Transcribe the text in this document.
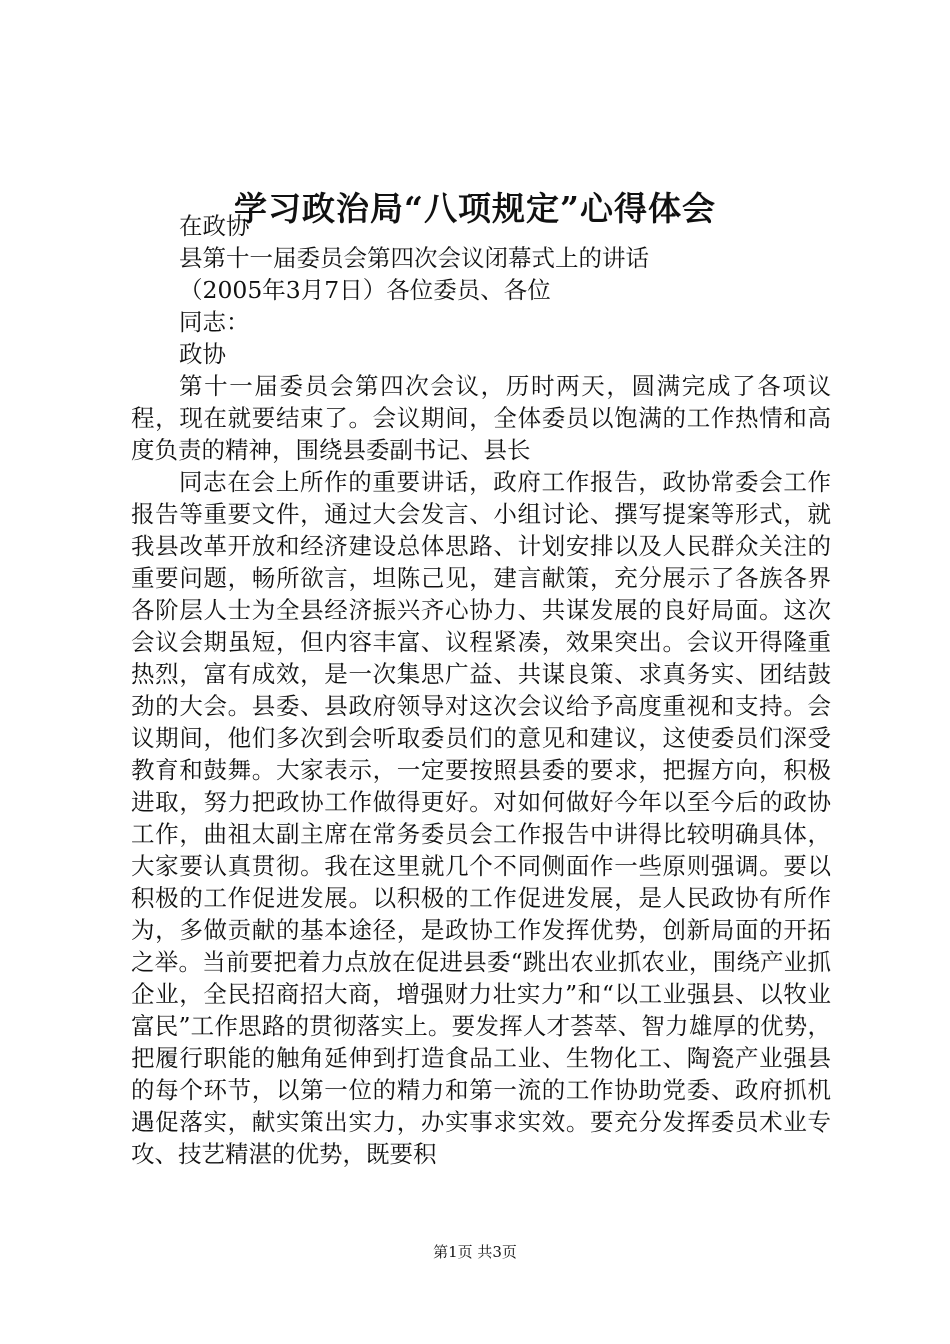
学习政治局“八项规定”心得体会

在政协

县第十一届委员会第四次会议闭幕式上的讲话

（2005年3月7日）各位委员、各位

同志：

政协

第十一届委员会第四次会议，历时两天，圆满完成了各项议程，现在就要结束了。会议期间，全体委员以饱满的工作热情和高度负责的精神，围绕县委副书记、县长

同志在会上所作的重要讲话，政府工作报告，政协常委会工作报告等重要文件，通过大会发言、小组讨论、撰写提案等形式，就我县改革开放和经济建设总体思路、计划安排以及人民群众关注的重要问题，畅所欲言，坦陈己见，建言献策，充分展示了各族各界各阶层人士为全县经济振兴齐心协力、共谋发展的良好局面。这次会议会期虽短，但内容丰富、议程紧凑，效果突出。会议开得隆重热烈，富有成效，是一次集思广益、共谋良策、求真务实、团结鼓劲的大会。县委、县政府领导对这次会议给予高度重视和支持。会议期间，他们多次到会听取委员们的意见和建议，这使委员们深受教育和鼓舞。大家表示，一定要按照县委的要求，把握方向，积极进取，努力把政协工作做得更好。对如何做好今年以至今后的政协工作，曲祖太副主席在常务委员会工作报告中讲得比较明确具体，大家要认真贯彻。我在这里就几个不同侧面作一些原则强调。要以积极的工作促进发展。以积极的工作促进发展，是人民政协有所作为，多做贡献的基本途径，是政协工作发挥优势，创新局面的开拓之举。当前要把着力点放在促进县委“跳出农业抓农业，围绕产业抓企业，全民招商招大商，增强财力壮实力”和“以工业强县、以牧业富民”工作思路的贯彻落实上。要发挥人才荟萃、智力雄厚的优势，把履行职能的触角延伸到打造食品工业、生物化工、陶瓷产业强县的每个环节，以第一位的精力和第一流的工作协助党委、政府抓机遇促落实，献实策出实力，办实事求实效。要充分发挥委员术业专攻、技艺精湛的优势，既要积

第1页 共3页
